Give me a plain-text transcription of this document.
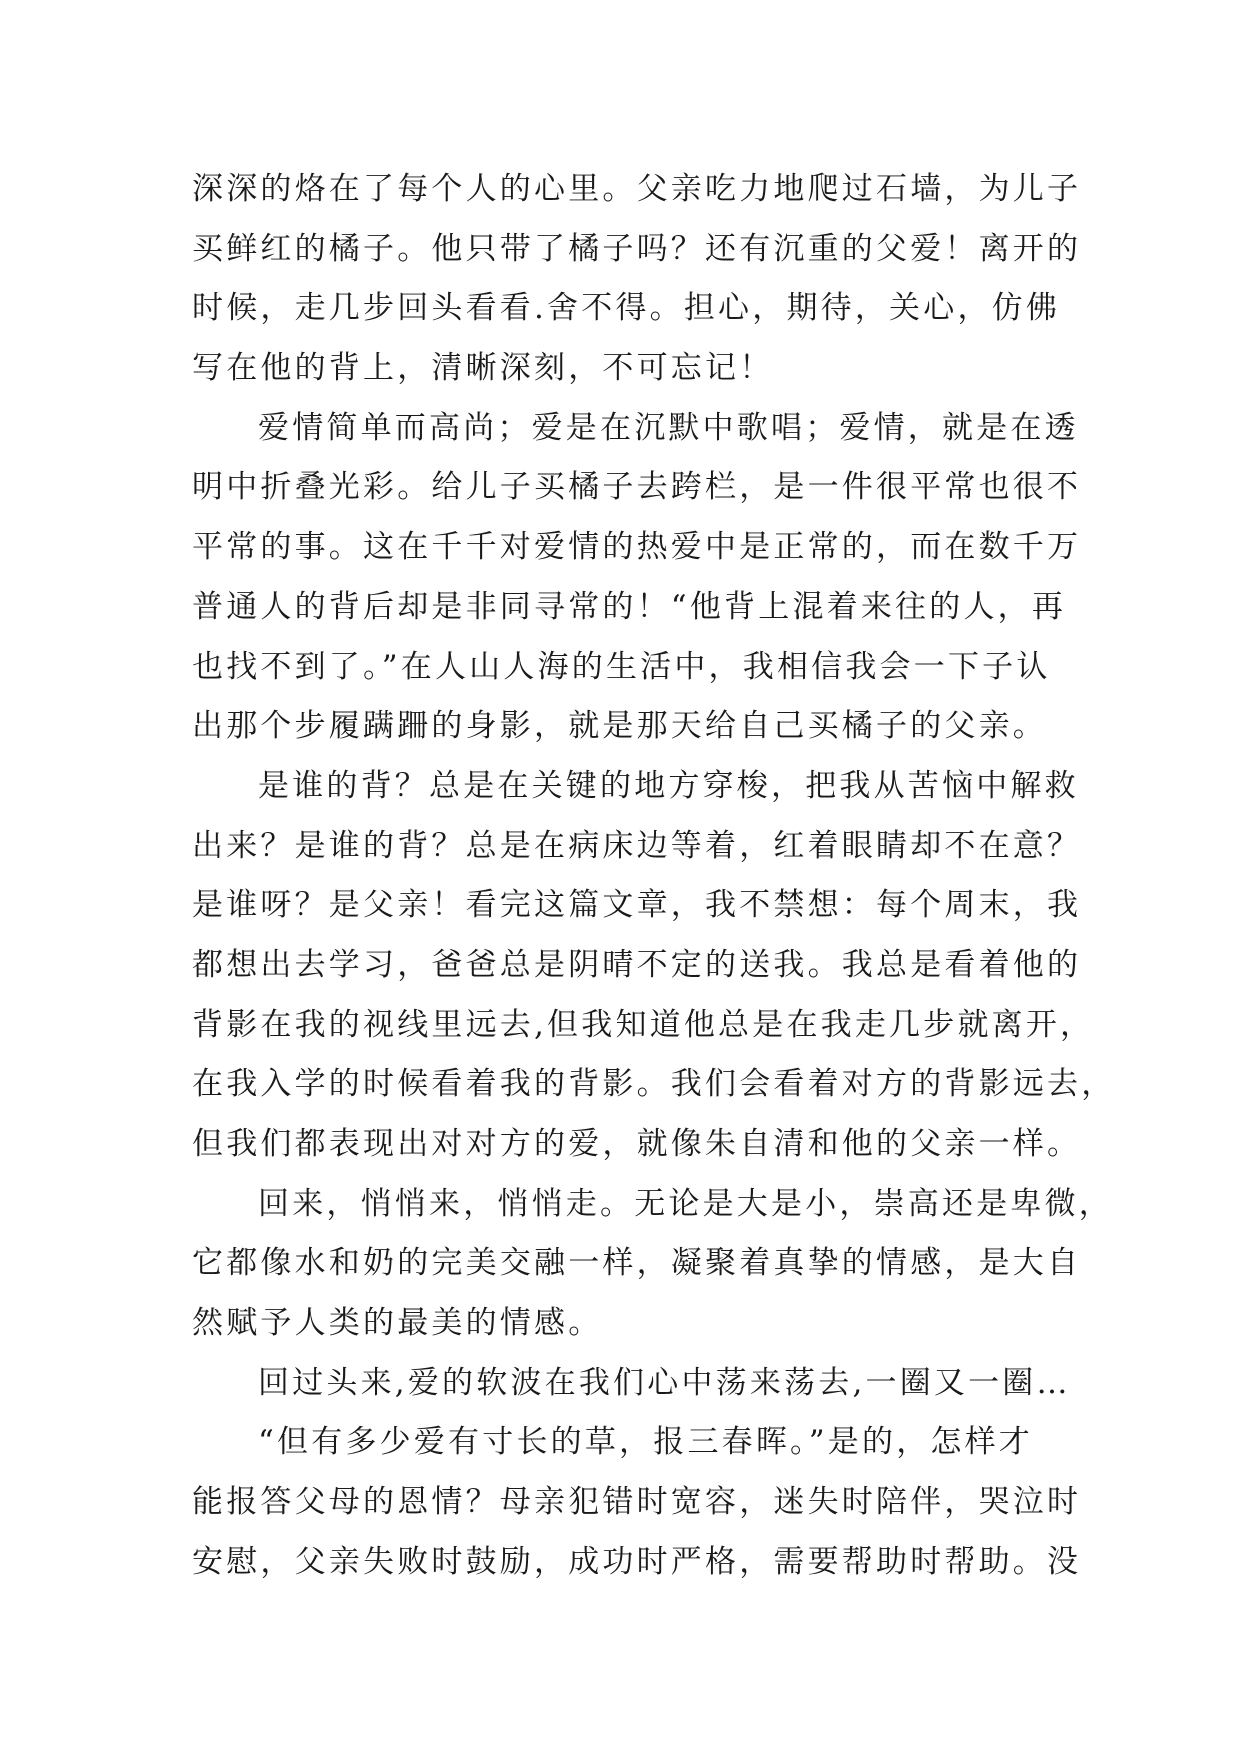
深深的烙在了每个人的心里。父亲吃力地爬过石墙，为儿子
买鲜红的橘子。他只带了橘子吗？还有沉重的父爱！离开的
时候，走几步回头看看.舍不得。担心，期待，关心，仿佛
写在他的背上，清晰深刻，不可忘记！
爱情简单而高尚；爱是在沉默中歌唱；爱情，就是在透
明中折叠光彩。给儿子买橘子去跨栏，是一件很平常也很不
平常的事。这在千千对爱情的热爱中是正常的，而在数千万
普通人的背后却是非同寻常的！“他背上混着来往的人，再
也找不到了。”在人山人海的生活中，我相信我会一下子认
出那个步履蹒跚的身影，就是那天给自己买橘子的父亲。
是谁的背？总是在关键的地方穿梭，把我从苦恼中解救
出来？是谁的背？总是在病床边等着，红着眼睛却不在意？
是谁呀？是父亲！看完这篇文章，我不禁想：每个周末，我
都想出去学习，爸爸总是阴晴不定的送我。我总是看着他的
背影在我的视线里远去,但我知道他总是在我走几步就离开，
在我入学的时候看着我的背影。我们会看着对方的背影远去，
但我们都表现出对对方的爱，就像朱自清和他的父亲一样。
回来，悄悄来，悄悄走。无论是大是小，崇高还是卑微，
它都像水和奶的完美交融一样，凝聚着真挚的情感，是大自
然赋予人类的最美的情感。
回过头来,爱的软波在我们心中荡来荡去,一圈又一圈…
“但有多少爱有寸长的草，报三春晖。”是的，怎样才
能报答父母的恩情？母亲犯错时宽容，迷失时陪伴，哭泣时
安慰，父亲失败时鼓励，成功时严格，需要帮助时帮助。没
